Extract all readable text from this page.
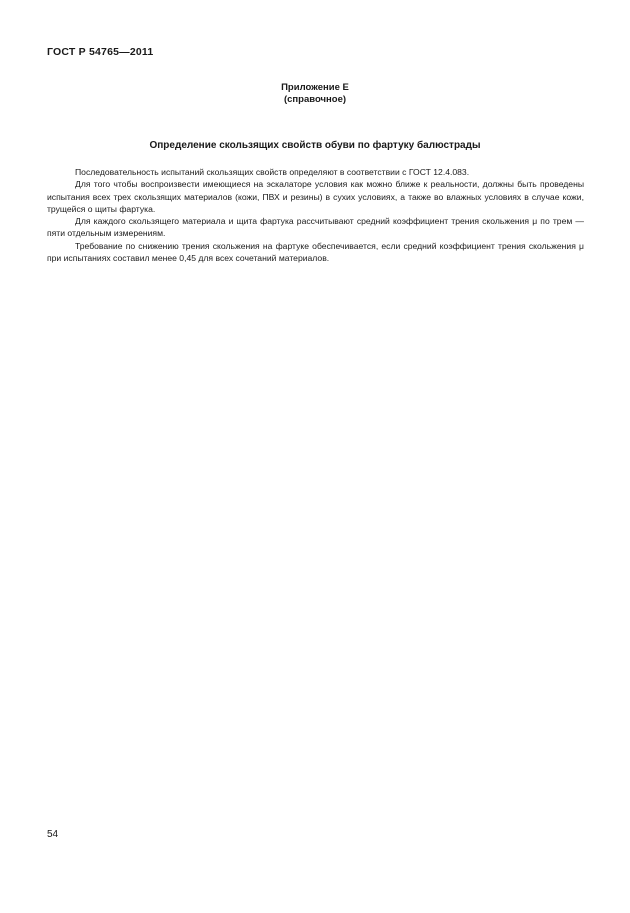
ГОСТ Р 54765—2011
Приложение Е
(справочное)
Определение скользящих свойств обуви по фартуку балюстрады

Последовательность испытаний скользящих свойств определяют в соответствии с ГОСТ 12.4.083.

Для того чтобы воспроизвести имеющиеся на эскалаторе условия как можно ближе к реальности, должны быть проведены испытания всех трех скользящих материалов (кожи, ПВХ и резины) в сухих условиях, а также во влажных условиях в случае кожи, трущейся о щиты фартука.

Для каждого скользящего материала и щита фартука рассчитывают средний коэффициент трения скольжения μ по трем — пяти отдельным измерениям.

Требование по снижению трения скольжения на фартуке обеспечивается, если средний коэффициент трения скольжения μ при испытаниях составил менее 0,45 для всех сочетаний материалов.

54
